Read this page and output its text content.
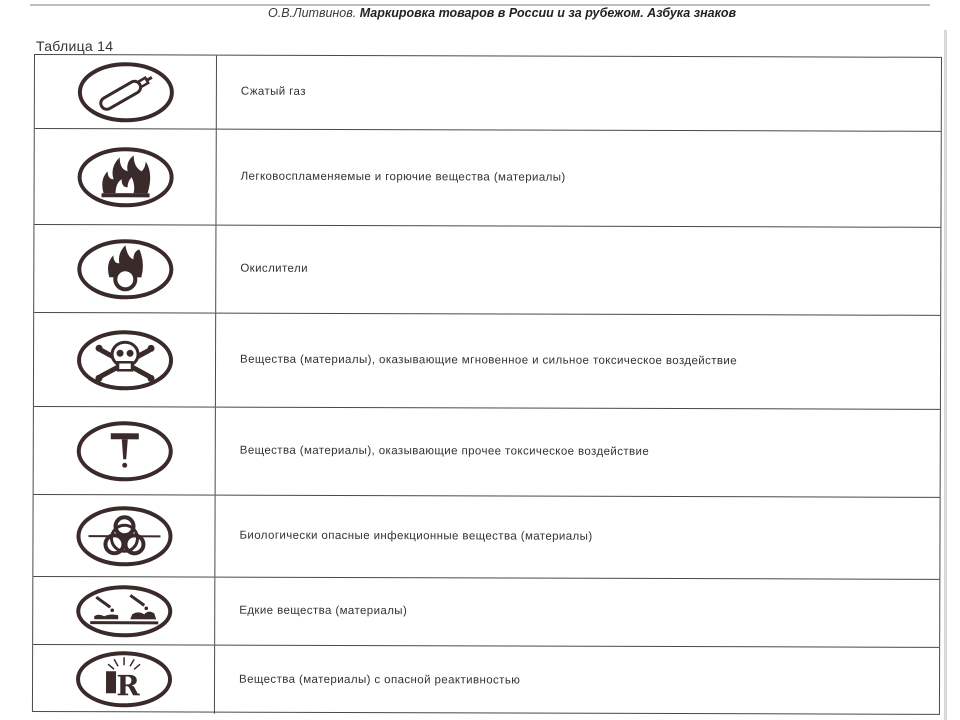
О.В.Литвинов. Маркировка товаров в России и за рубежом. Азбука знаков
Таблица 14
Сжатый газ
Легковоспламеняемые и горючие вещества (материалы)
Окислители
Вещества (материалы), оказывающие мгновенное и сильное токсическое воздействие
Вещества (материалы), оказывающие прочее токсическое воздействие
Биологически опасные инфекционные вещества (материалы)
Едкие вещества (материалы)
R	Вещества (материалы) с опасной реактивностью
